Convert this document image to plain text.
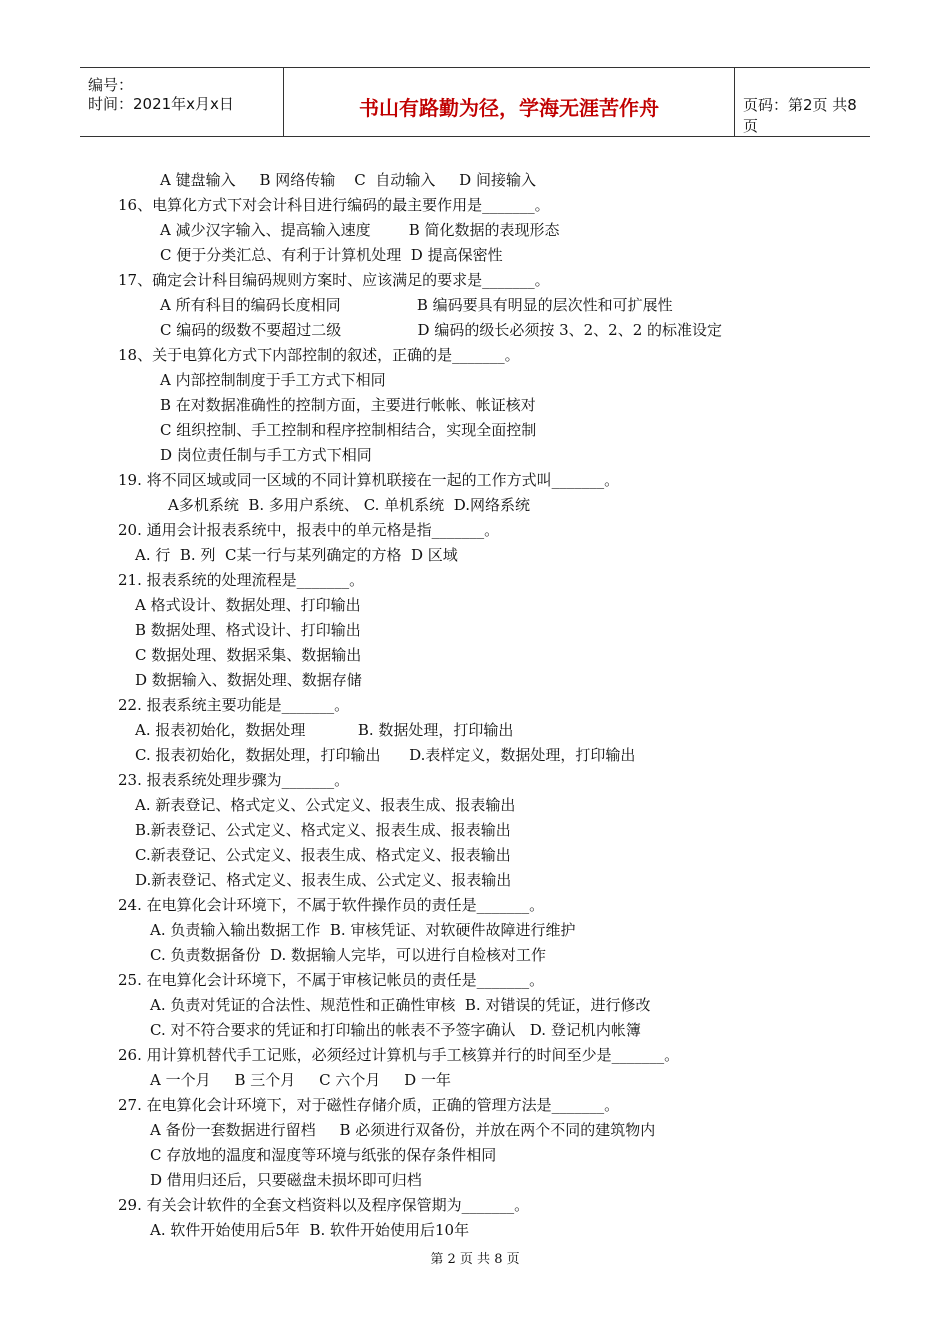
编号：
时间：2021年x月x日	书山有路勤为径，学海无涯苦作舟	页码：第2页 共8页
A 键盘输入     B 网络传输    C  自动输入     D 间接输入
16、电算化方式下对会计科目进行编码的最主要作用是_______。
A 减少汉字输入、提高输入速度        B 简化数据的表现形态
C 便于分类汇总、有利于计算机处理  D 提高保密性
17、确定会计科目编码规则方案时、应该满足的要求是_______。
A 所有科目的编码长度相同                B 编码要具有明显的层次性和可扩展性
C 编码的级数不要超过二级                D 编码的级长必须按 3、2、2、2 的标准设定
18、关于电算化方式下内部控制的叙述，正确的是_______。
A 内部控制制度于手工方式下相同
B 在对数据准确性的控制方面，主要进行帐帐、帐证核对
C 组织控制、手工控制和程序控制相结合，实现全面控制
D 岗位责任制与手工方式下相同
19. 将不同区域或同一区域的不同计算机联接在一起的工作方式叫_______。
A多机系统  B. 多用户系统、 C. 单机系统  D.网络系统
20. 通用会计报表系统中，报表中的单元格是指_______。
A. 行  B. 列  C某一行与某列确定的方格  D 区域
21. 报表系统的处理流程是_______。
A 格式设计、数据处理、打印输出
B 数据处理、格式设计、打印输出
C 数据处理、数据采集、数据输出
D 数据输入、数据处理、数据存储
22. 报表系统主要功能是_______。
A. 报表初始化，数据处理           B. 数据处理，打印输出
C. 报表初始化，数据处理，打印输出      D.表样定义，数据处理，打印输出
23. 报表系统处理步骤为_______。
A. 新表登记、格式定义、公式定义、报表生成、报表输出
B.新表登记、公式定义、格式定义、报表生成、报表输出
C.新表登记、公式定义、报表生成、格式定义、报表输出
D.新表登记、格式定义、报表生成、公式定义、报表输出
24. 在电算化会计环境下，不属于软件操作员的责任是_______。
A. 负责输入输出数据工作  B. 审核凭证、对软硬件故障进行维护
C. 负责数据备份  D. 数据输人完毕，可以进行自检核对工作
25. 在电算化会计环境下，不属于审核记帐员的责任是_______。
A. 负责对凭证的合法性、规范性和正确性审核  B. 对错误的凭证，进行修改
C. 对不符合要求的凭证和打印输出的帐表不予签字确认   D. 登记机内帐簿
26. 用计算机替代手工记账，必须经过计算机与手工核算并行的时间至少是_______。
A 一个月     B 三个月     C 六个月     D 一年
27. 在电算化会计环境下，对于磁性存储介质，正确的管理方法是_______。
A 备份一套数据进行留档     B 必须进行双备份，并放在两个不同的建筑物内
C 存放地的温度和湿度等环境与纸张的保存条件相同
D 借用归还后，只要磁盘未损坏即可归档
29. 有关会计软件的全套文档资料以及程序保管期为_______。
A. 软件开始使用后5年  B. 软件开始使用后10年
第 2 页 共 8 页
